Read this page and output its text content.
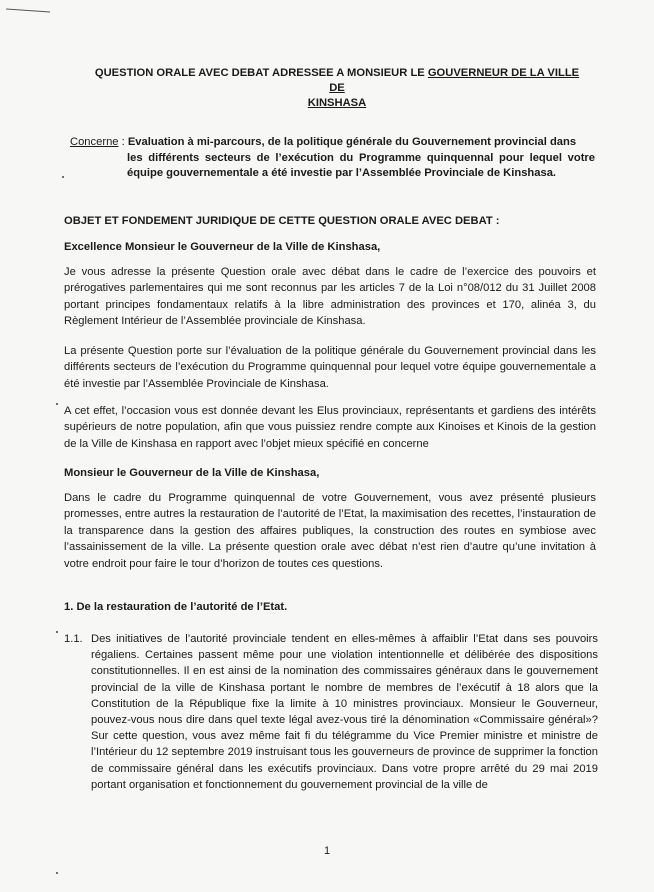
QUESTION ORALE AVEC DEBAT ADRESSEE A MONSIEUR LE GOUVERNEUR DE LA VILLE DE
KINSHASA
Concerne : Evaluation à mi-parcours, de la politique générale du Gouvernement provincial dans
les différents secteurs de l’exécution du Programme quinquennal pour lequel votre équipe gouvernementale a été investie par l’Assemblée Provinciale de Kinshasa.
OBJET ET FONDEMENT JURIDIQUE DE CETTE QUESTION ORALE AVEC DEBAT :
Excellence Monsieur le Gouverneur de la Ville de Kinshasa,
Je vous adresse la présente Question orale avec débat dans le cadre de l’exercice des pouvoirs et prérogatives parlementaires qui me sont reconnus par les articles 7 de la Loi n°08/012 du 31 Juillet 2008 portant principes fondamentaux relatifs à la libre administration des provinces et 170, alinéa 3, du Règlement Intérieur de l’Assemblée provinciale de Kinshasa.
La présente Question porte sur l’évaluation de la politique générale du Gouvernement provincial dans les différents secteurs de l’exécution du Programme quinquennal pour lequel votre équipe gouvernementale a été investie par l’Assemblée Provinciale de Kinshasa.
A cet effet, l’occasion vous est donnée devant les Elus provinciaux, représentants et gardiens des intérêts supérieurs de notre population, afin que vous puissiez rendre compte aux Kinoises et Kinois de la gestion de la Ville de Kinshasa en rapport avec l’objet mieux spécifié en concerne
Monsieur le Gouverneur de la Ville de Kinshasa,
Dans le cadre du Programme quinquennal de votre Gouvernement, vous avez présenté plusieurs promesses, entre autres la restauration de l’autorité de l’Etat, la maximisation des recettes, l’instauration de la transparence dans la gestion des affaires publiques, la construction des routes en symbiose avec l’assainissement de la ville. La présente question orale avec débat n’est rien d’autre qu’une invitation à votre endroit pour faire le tour d’horizon de toutes ces questions.
1. De la restauration de l’autorité de l’Etat.
1.1. Des initiatives de l’autorité provinciale tendent en elles-mêmes à affaiblir l’Etat dans ses pouvoirs régaliens. Certaines passent même pour une violation intentionnelle et délibérée des dispositions constitutionnelles. Il en est ainsi de la nomination des commissaires généraux dans le gouvernement provincial de la ville de Kinshasa portant le nombre de membres de l’exécutif à 18 alors que la Constitution de la République fixe la limite à 10 ministres provinciaux. Monsieur le Gouverneur, pouvez-vous nous dire dans quel texte légal avez-vous tiré la dénomination «Commissaire général»? Sur cette question, vous avez même fait fi du télégramme du Vice Premier ministre et ministre de l’Intérieur du 12 septembre 2019 instruisant tous les gouverneurs de province de supprimer la fonction de commissaire général dans les exécutifs provinciaux. Dans votre propre arrêté du 29 mai 2019 portant organisation et fonctionnement du gouvernement provincial de la ville de
1
